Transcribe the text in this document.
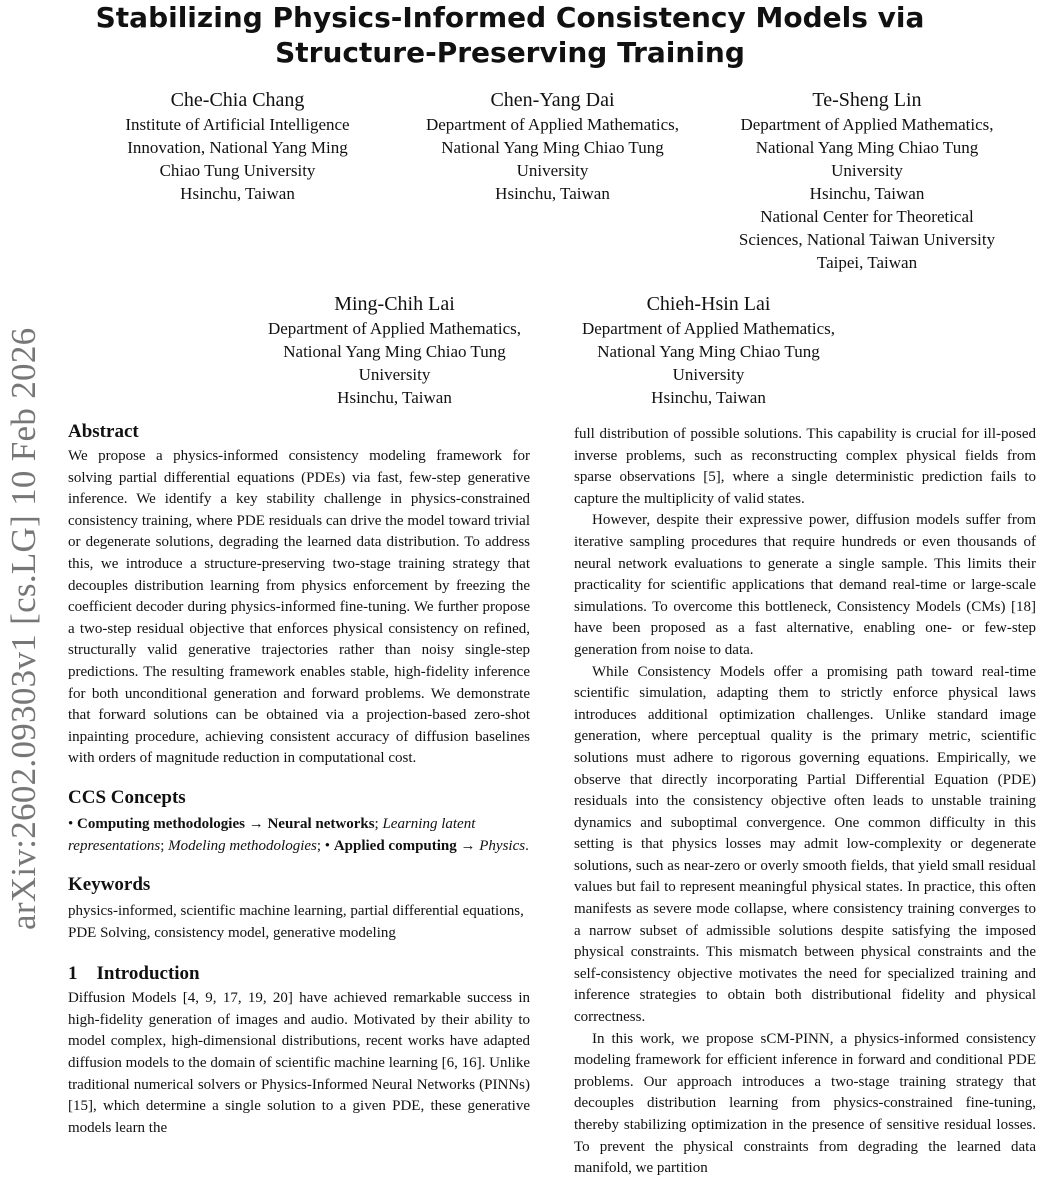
arXiv:2602.09303v1 [cs.LG] 10 Feb 2026
Stabilizing Physics-Informed Consistency Models via
Structure-Preserving Training
Che-Chia Chang
Institute of Artificial Intelligence
Innovation, National Yang Ming
Chiao Tung University
Hsinchu, Taiwan
Chen-Yang Dai
Department of Applied Mathematics,
National Yang Ming Chiao Tung
University
Hsinchu, Taiwan
Te-Sheng Lin
Department of Applied Mathematics,
National Yang Ming Chiao Tung
University
Hsinchu, Taiwan
National Center for Theoretical
Sciences, National Taiwan University
Taipei, Taiwan
Ming-Chih Lai
Department of Applied Mathematics,
National Yang Ming Chiao Tung
University
Hsinchu, Taiwan
Chieh-Hsin Lai
Department of Applied Mathematics,
National Yang Ming Chiao Tung
University
Hsinchu, Taiwan
Abstract

We propose a physics-informed consistency modeling framework for solving partial differential equations (PDEs) via fast, few-step generative inference. We identify a key stability challenge in physics-constrained consistency training, where PDE residuals can drive the model toward trivial or degenerate solutions, degrading the learned data distribution. To address this, we introduce a structure-preserving two-stage training strategy that decouples distribution learning from physics enforcement by freezing the coefficient decoder during physics-informed fine-tuning. We further propose a two-step residual objective that enforces physical consistency on refined, structurally valid generative trajectories rather than noisy single-step predictions. The resulting framework enables stable, high-fidelity inference for both unconditional generation and forward problems. We demonstrate that forward solutions can be obtained via a projection-based zero-shot inpainting procedure, achieving consistent accuracy of diffusion baselines with orders of magnitude reduction in computational cost.

CCS Concepts

• Computing methodologies → Neural networks; Learning latent representations; Modeling methodologies; • Applied computing → Physics.

Keywords

physics-informed, scientific machine learning, partial differential equations, PDE Solving, consistency model, generative modeling

1    Introduction

Diffusion Models [4, 9, 17, 19, 20] have achieved remarkable success in high-fidelity generation of images and audio. Motivated by their ability to model complex, high-dimensional distributions, recent works have adapted diffusion models to the domain of scientific machine learning [6, 16]. Unlike traditional numerical solvers or Physics-Informed Neural Networks (PINNs) [15], which determine a single solution to a given PDE, these generative models learn the

full distribution of possible solutions. This capability is crucial for ill-posed inverse problems, such as reconstructing complex physical fields from sparse observations [5], where a single deterministic prediction fails to capture the multiplicity of valid states.

However, despite their expressive power, diffusion models suffer from iterative sampling procedures that require hundreds or even thousands of neural network evaluations to generate a single sample. This limits their practicality for scientific applications that demand real-time or large-scale simulations. To overcome this bottleneck, Consistency Models (CMs) [18] have been proposed as a fast alternative, enabling one- or few-step generation from noise to data.

While Consistency Models offer a promising path toward real-time scientific simulation, adapting them to strictly enforce physical laws introduces additional optimization challenges. Unlike standard image generation, where perceptual quality is the primary metric, scientific solutions must adhere to rigorous governing equations. Empirically, we observe that directly incorporating Partial Differential Equation (PDE) residuals into the consistency objective often leads to unstable training dynamics and suboptimal convergence. One common difficulty in this setting is that physics losses may admit low-complexity or degenerate solutions, such as near-zero or overly smooth fields, that yield small residual values but fail to represent meaningful physical states. In practice, this often manifests as severe mode collapse, where consistency training converges to a narrow subset of admissible solutions despite satisfying the imposed physical constraints. This mismatch between physical constraints and the self-consistency objective motivates the need for specialized training and inference strategies to obtain both distributional fidelity and physical correctness.

In this work, we propose sCM-PINN, a physics-informed consistency modeling framework for efficient inference in forward and conditional PDE problems. Our approach introduces a two-stage training strategy that decouples distribution learning from physics-constrained fine-tuning, thereby stabilizing optimization in the presence of sensitive residual losses. To prevent the physical constraints from degrading the learned data manifold, we partition
